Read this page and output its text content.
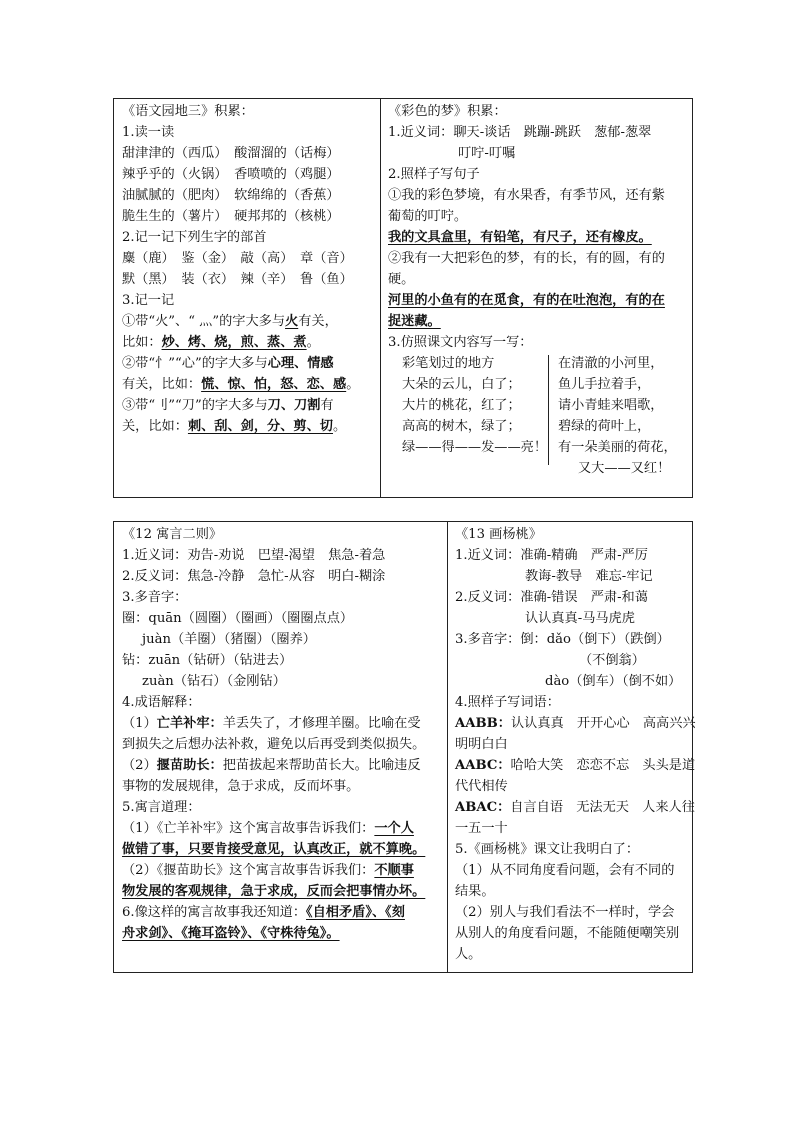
《语文园地三》积累：
1.读一读
甜津津的（西瓜）　酸溜溜的（话梅）
辣乎乎的（火锅）　香喷喷的（鸡腿）
油腻腻的（肥肉）　软绵绵的（香蕉）
脆生生的（薯片）　硬邦邦的（核桃）
2.记一记下列生字的部首
麋（鹿）　鉴（金）　敲（高）　章（音）
默（黑）　装（衣）　辣（辛）　鲁（鱼）
3.记一记
①带“火”、“ 灬”的字大多与火有关，
比如：炒、烤、烧，煎、蒸、煮。
②带“忄”“心”的字大多与心理、情感
有关，比如：慌、惊、怕，怒、恋、感。
③带“刂”“刀”的字大多与刀、刀割有
关，比如：刺、刮、剑，分、剪、切。
《彩色的梦》积累：
1.近义词：聊天-谈话　跳蹦-跳跃　葱郁-葱翠
叮咛-叮嘱
2.照样子写句子
①我的彩色梦境，有水果香，有季节风，还有紫
葡萄的叮咛。
我的文具盒里，有铅笔，有尺子，还有橡皮。
②我有一大把彩色的梦，有的长，有的圆，有的
硬。
河里的小鱼有的在觅食，有的在吐泡泡，有的在
捉迷藏。
3.仿照课文内容写一写：
彩笔划过的地方
大朵的云儿，白了；
大片的桃花，红了；
高高的树木，绿了；
绿——得——发——亮！
在清澈的小河里，
鱼儿手拉着手，
请小青蛙来唱歌，
碧绿的荷叶上，
有一朵美丽的荷花，
又大——又红！
《12 寓言二则》
1.近义词：劝告-劝说　巴望-渴望　焦急-着急
2.反义词：焦急-冷静　急忙-从容　明白-糊涂
3.多音字：
圈：quān（圆圈）（圈画）（圈圈点点）
juàn（羊圈）（猪圈）（圈养）
钻：zuān（钻研）（钻进去）
zuàn（钻石）（金刚钻）
4.成语解释：
（1）亡羊补牢：羊丢失了，才修理羊圈。比喻在受
到损失之后想办法补救，避免以后再受到类似损失。
（2）揠苗助长：把苗拔起来帮助苗长大。比喻违反
事物的发展规律，急于求成，反而坏事。
5.寓言道理：
（1）《亡羊补牢》这个寓言故事告诉我们：一个人
做错了事，只要肯接受意见，认真改正，就不算晚。
（2）《揠苗助长》这个寓言故事告诉我们：不顺事
物发展的客观规律，急于求成，反而会把事情办坏。
6.像这样的寓言故事我还知道：《自相矛盾》、《刻
舟求剑》、《掩耳盗铃》、《守株待兔》。
《13 画杨桃》
1.近义词：准确-精确　严肃-严厉
教诲-教导　难忘-牢记
2.反义词：准确-错误　严肃-和蔼
认认真真-马马虎虎
3.多音字：倒：dǎo（倒下）（跌倒）
（不倒翁）
dào（倒车）（倒不如）
4.照样子写词语：
AABB：认认真真　开开心心　高高兴兴
明明白白
AABC：哈哈大笑　恋恋不忘　头头是道
代代相传
ABAC：自言自语　无法无天　人来人往
一五一十
5.《画杨桃》课文让我明白了：
（1）从不同角度看问题，会有不同的
结果。
（2）别人与我们看法不一样时，学会
从别人的角度看问题，不能随便嘲笑别
人。
